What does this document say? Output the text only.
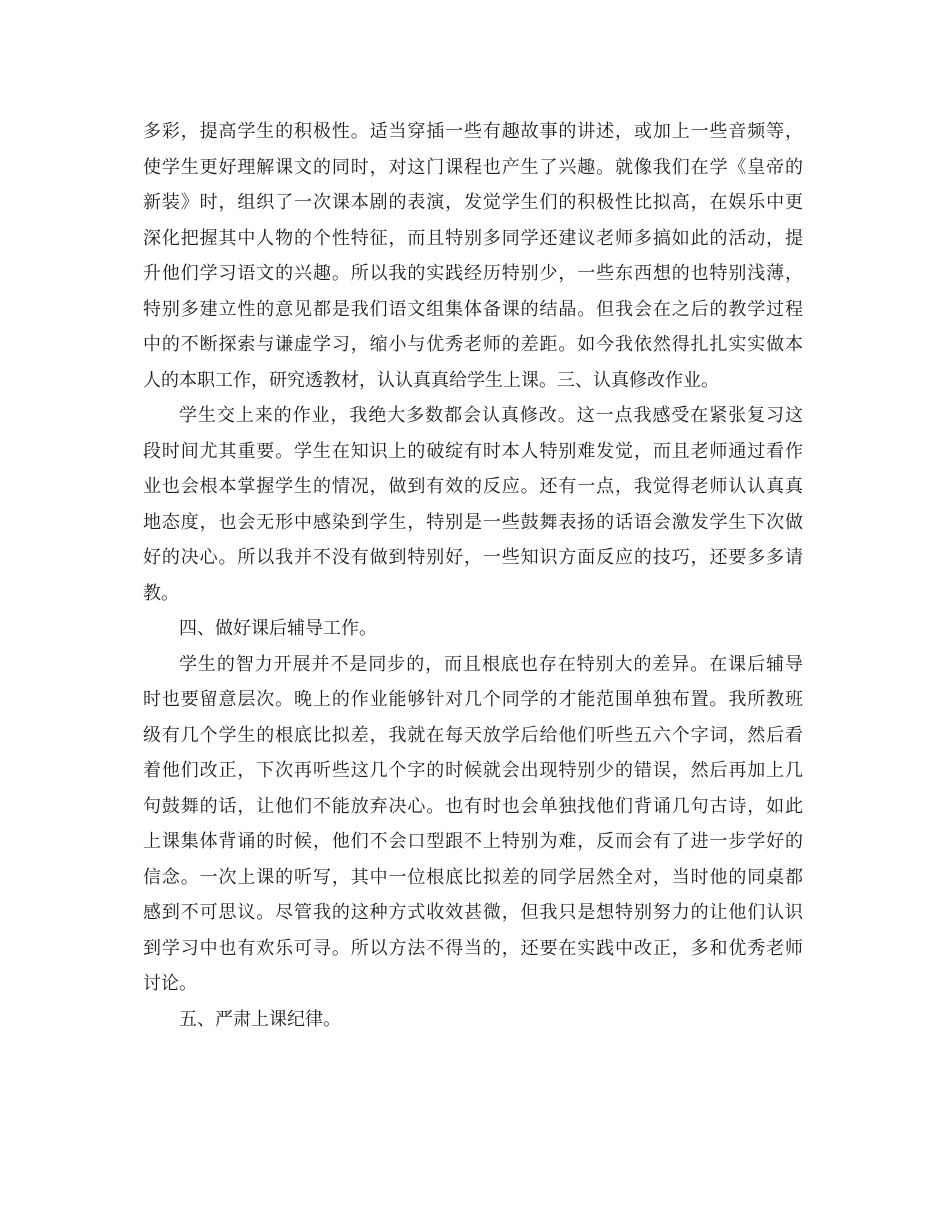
多彩，提高学生的积极性。适当穿插一些有趣故事的讲述，或加上一些音频等，
使学生更好理解课文的同时，对这门课程也产生了兴趣。就像我们在学《皇帝的
新装》时，组织了一次课本剧的表演，发觉学生们的积极性比拟高，在娱乐中更
深化把握其中人物的个性特征，而且特别多同学还建议老师多搞如此的活动，提
升他们学习语文的兴趣。所以我的实践经历特别少，一些东西想的也特别浅薄，
特别多建立性的意见都是我们语文组集体备课的结晶。但我会在之后的教学过程
中的不断探索与谦虚学习，缩小与优秀老师的差距。如今我依然得扎扎实实做本
人的本职工作，研究透教材，认认真真给学生上课。三、认真修改作业。
学生交上来的作业，我绝大多数都会认真修改。这一点我感受在紧张复习这
段时间尤其重要。学生在知识上的破绽有时本人特别难发觉，而且老师通过看作
业也会根本掌握学生的情况，做到有效的反应。还有一点，我觉得老师认认真真
地态度，也会无形中感染到学生，特别是一些鼓舞表扬的话语会激发学生下次做
好的决心。所以我并不没有做到特别好，一些知识方面反应的技巧，还要多多请
教。
四、做好课后辅导工作。
学生的智力开展并不是同步的，而且根底也存在特别大的差异。在课后辅导
时也要留意层次。晚上的作业能够针对几个同学的才能范围单独布置。我所教班
级有几个学生的根底比拟差，我就在每天放学后给他们听些五六个字词，然后看
着他们改正，下次再听些这几个字的时候就会出现特别少的错误，然后再加上几
句鼓舞的话，让他们不能放弃决心。也有时也会单独找他们背诵几句古诗，如此
上课集体背诵的时候，他们不会口型跟不上特别为难，反而会有了进一步学好的
信念。一次上课的听写，其中一位根底比拟差的同学居然全对，当时他的同桌都
感到不可思议。尽管我的这种方式收效甚微，但我只是想特别努力的让他们认识
到学习中也有欢乐可寻。所以方法不得当的，还要在实践中改正，多和优秀老师
讨论。
五、严肃上课纪律。
